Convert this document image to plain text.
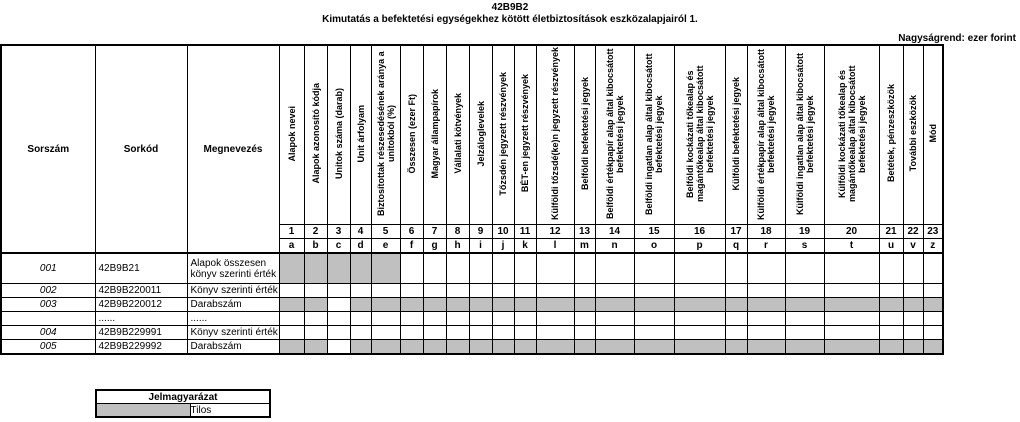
42B9B2
Kimutatás a befektetési egységekhez kötött életbiztosítások eszközalapjairól 1.
Nagyságrend: ezer forint
Sorszám	Sorkód	Megnevezés	Alapok nevei	Alapok azonosító kódja	Unitok száma (darab)	Unit árfolyam	Biztosítottak részesedésének aránya a unitokból (%)	Összesen (ezer Ft)	Magyar állampapírok	Vállalati kötvények	Jelzáloglevelek	Tőzsdén jegyzett részvények	BÉT-en jegyzett részvények	Külföldi tőzsdé(ke)n jegyzett részvények	Belföldi befektetési jegyek	Belföldi értékpapír alap által kibocsátott befektetési jegyek	Belföldi ingatlan alap által kibocsátott befektetési jegyek	Belföldi kockázati tőkealap és magántőkealap által kibocsátott befektetési jegyek	Külföldi befektetési jegyek	Külföldi értékpapír alap által kibocsátott befektetési jegyek	Külföldi ingatlan alap által kibocsátott befektetési jegyek	Külföldi kockázati tőkealap és magántőkealap által kibocsátott befektetési jegyek	Betétek, pénzeszközök	További eszközök	Mód
			1	2	3	4	5	6	7	8	9	10	11	12	13	14	15	16	17	18	19	20	21	22	23
			a	b	c	d	e	f	g	h	i	j	k	l	m	n	o	p	q	r	s	t	u	v	z
001	42B9B21	Alapok összesen könyv szerinti érték																							
002	42B9B220011	Könyv szerinti érték																							
003	42B9B220012	Darabszám																							
	......	......																							
004	42B9B229991	Könyv szerinti érték																							
005	42B9B229992	Darabszám																							
Jelmagyarázat
	Tilos
